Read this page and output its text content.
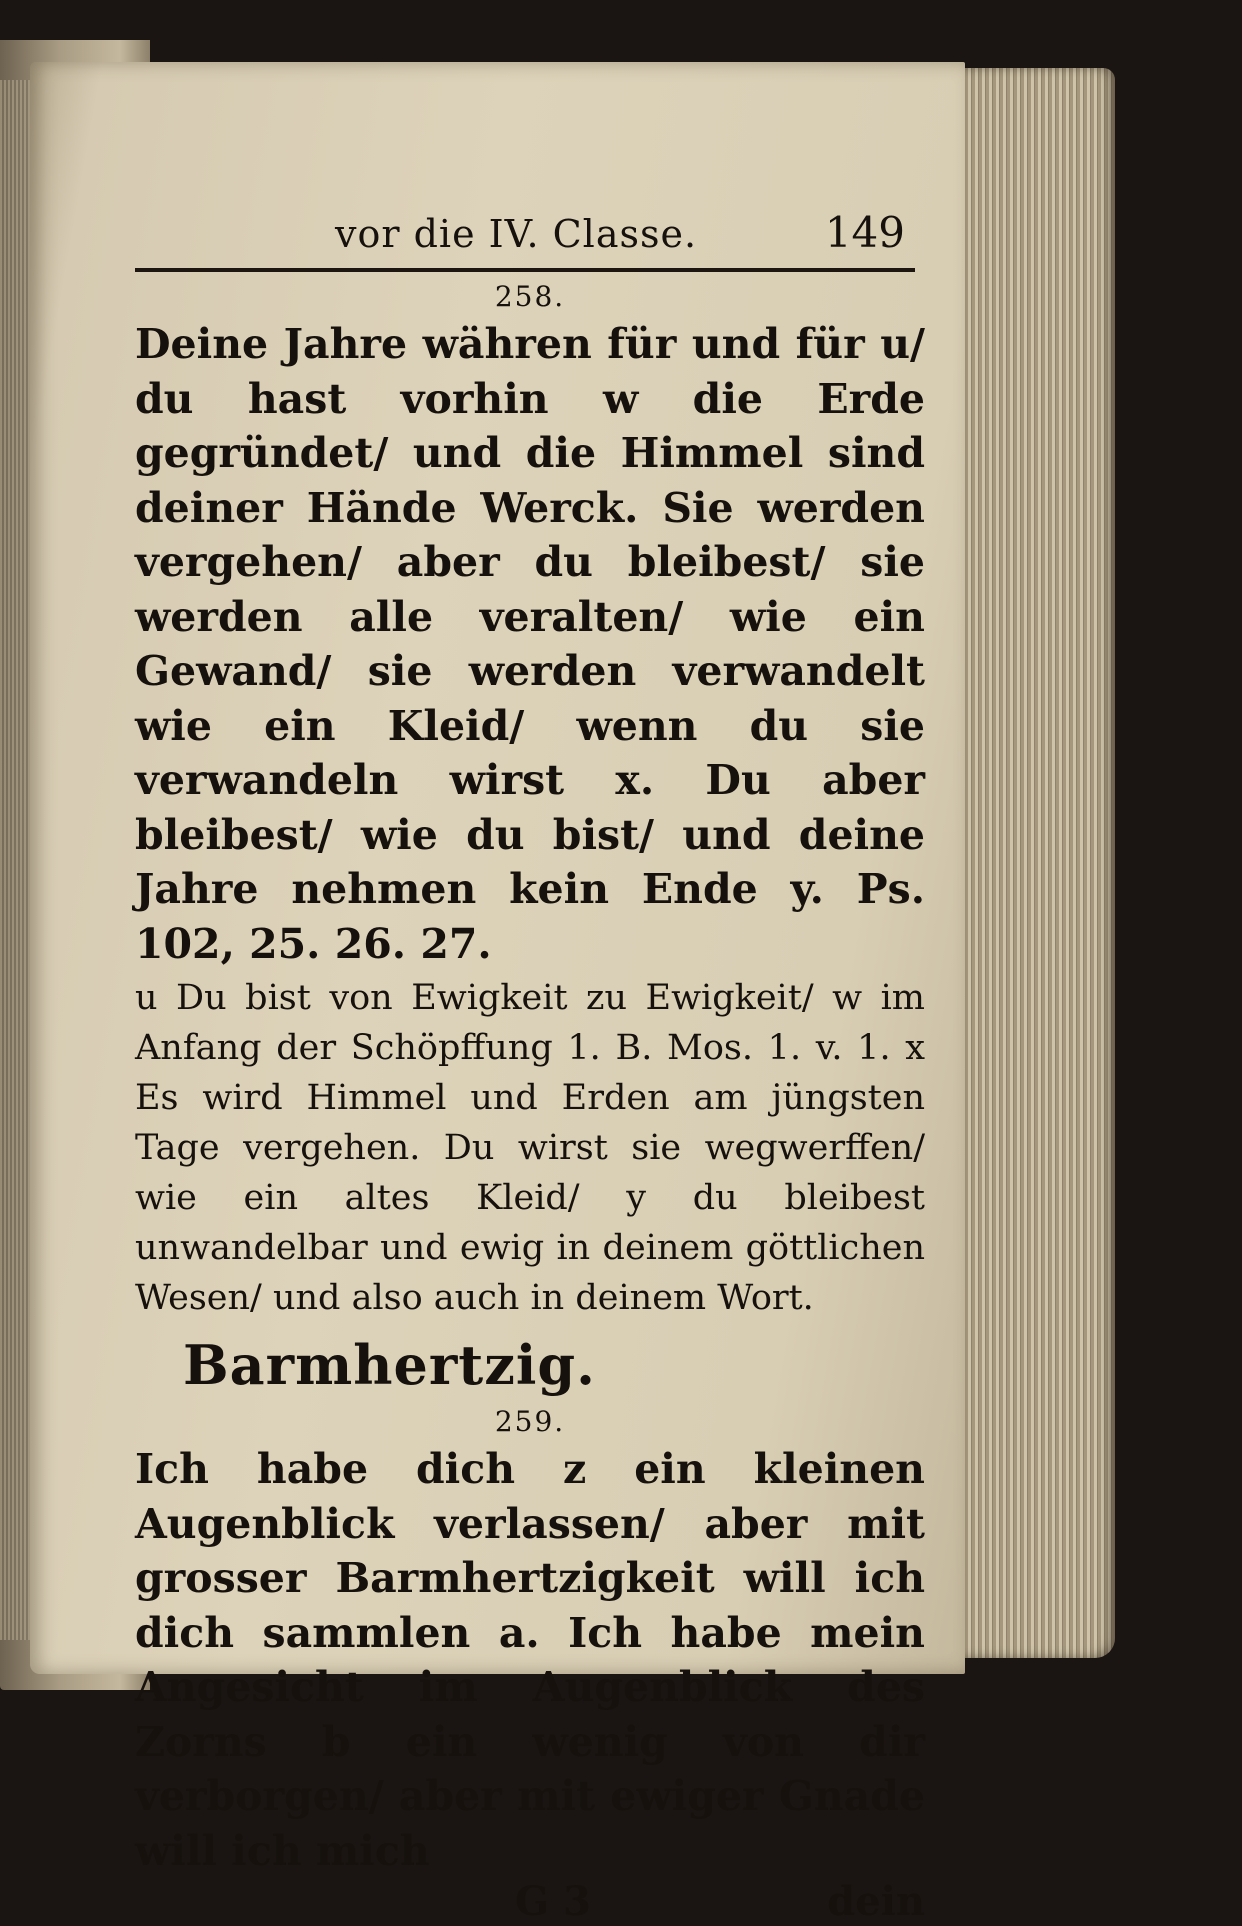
vor die IV. Classe.	149
258.

Deine Jahre währen für und für u/ du hast vorhin w die Erde gegründet/ und die Himmel sind deiner Hände Werck. Sie werden vergehen/ aber du bleibest/ sie werden alle veralten/ wie ein Gewand/ sie werden verwandelt wie ein Kleid/ wenn du sie verwandeln wirst x. Du aber bleibest/ wie du bist/ und deine Jahre nehmen kein Ende y. Ps. 102, 25. 26. 27.

u Du bist von Ewigkeit zu Ewigkeit/ w im Anfang der Schöpffung 1. B. Mos. 1. v. 1. x Es wird Himmel und Erden am jüngsten Tage vergehen. Du wirst sie wegwerffen/ wie ein altes Kleid/ y du bleibest unwandelbar und ewig in deinem göttlichen Wesen/ und also auch in deinem Wort.

Barmhertzig.
259.

Ich habe dich z ein kleinen Augenblick verlassen/ aber mit grosser Barmhertzigkeit will ich dich sammlen a. Ich habe mein Angesicht im Augenblick des Zorns b ein wenig von dir verborgen/ aber mit ewiger Gnade will ich mich

G 3	dein
